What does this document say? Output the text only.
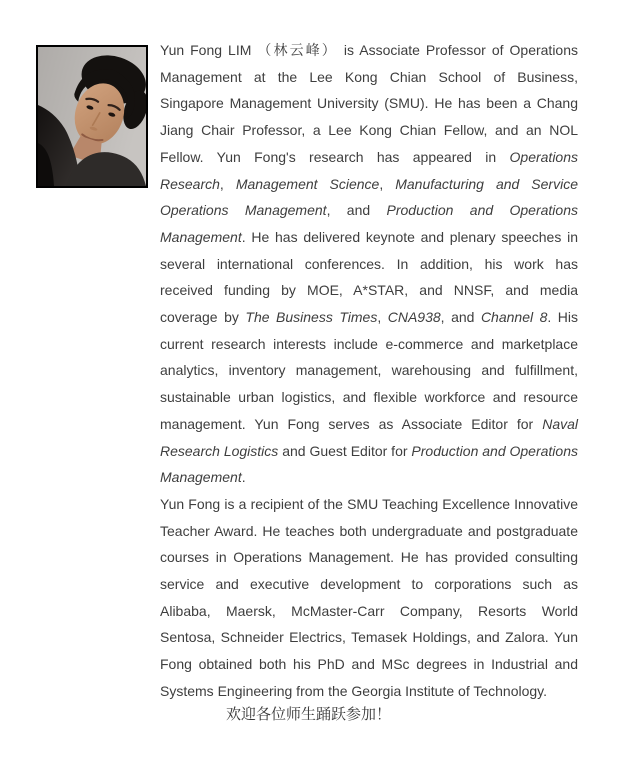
Yun Fong LIM （林云峰） is Associate Professor of Operations Management at the Lee Kong Chian School of Business, Singapore Management University (SMU). He has been a Chang Jiang Chair Professor, a Lee Kong Chian Fellow, and an NOL Fellow. Yun Fong's research has appeared in Operations Research, Management Science, Manufacturing and Service Operations Management, and Production and Operations Management. He has delivered keynote and plenary speeches in several international conferences. In addition, his work has received funding by MOE, A*STAR, and NNSF, and media coverage by The Business Times, CNA938, and Channel 8. His current research interests include e-commerce and marketplace analytics, inventory management, warehousing and fulfillment, sustainable urban logistics, and flexible workforce and resource management. Yun Fong serves as Associate Editor for Naval Research Logistics and Guest Editor for Production and Operations Management.

Yun Fong is a recipient of the SMU Teaching Excellence Innovative Teacher Award. He teaches both undergraduate and postgraduate courses in Operations Management. He has provided consulting service and executive development to corporations such as Alibaba, Maersk, McMaster-Carr Company, Resorts World Sentosa, Schneider Electrics, Temasek Holdings, and Zalora. Yun Fong obtained both his PhD and MSc degrees in Industrial and Systems Engineering from the Georgia Institute of Technology.

欢迎各位师生踊跃参加！
